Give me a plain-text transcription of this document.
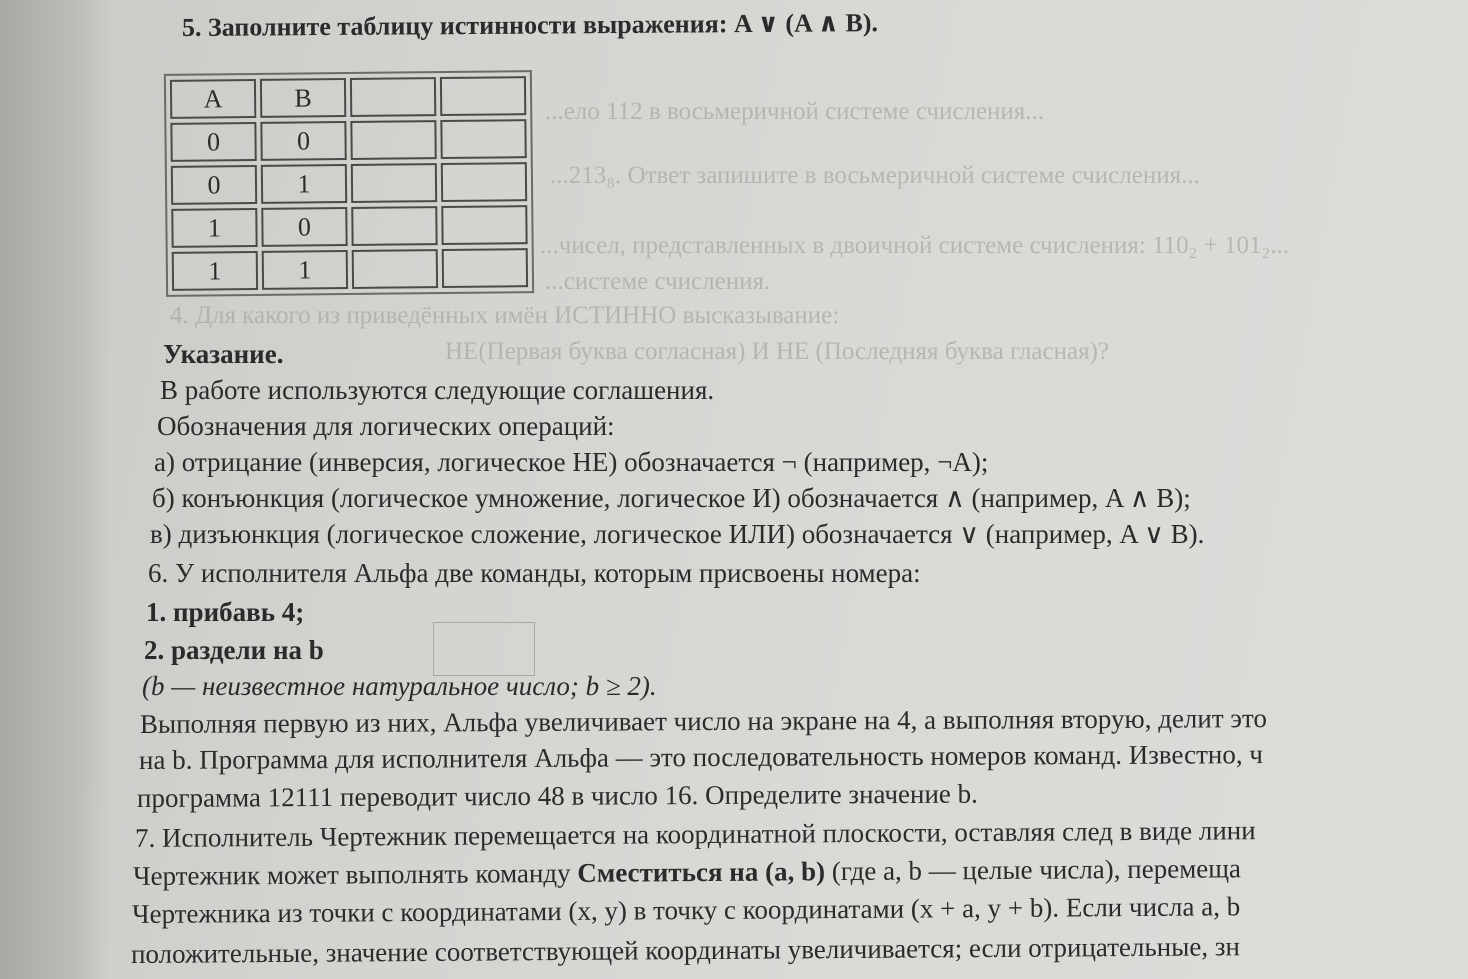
...ело 112 в восьмеричной системе счисления...
...213₈. Ответ запишите в восьмеричной системе счисления...
...чисел, представленных в двоичной системе счисления: 110₂ + 101₂...
...системе счисления.
4. Для какого из приведённых имён ИСТИННО высказывание:
НЕ(Первая буква согласная) И НЕ (Последняя буква гласная)?
5. Заполните таблицу истинности выражения: A ∨ (A ∧ B).
A	B		
0	0		
0	1		
1	0		
1	1		
Указание.
В работе используются следующие соглашения.
Обозначения для логических операций:
а) отрицание (инверсия, логическое НЕ) обозначается ¬ (например, ¬A);
б) конъюнкция (логическое умножение, логическое И) обозначается ∧ (например, A ∧ B);
в) дизъюнкция (логическое сложение, логическое ИЛИ) обозначается ∨ (например, A ∨ B).
6. У исполнителя Альфа две команды, которым присвоены номера:
1. прибавь 4;
2. раздели на b
(b — неизвестное натуральное число; b ≥ 2).
Выполняя первую из них, Альфа увеличивает число на экране на 4, а выполняя вторую, делит это
на b. Программа для исполнителя Альфа — это последовательность номеров команд. Известно, ч
программа 12111 переводит число 48 в число 16. Определите значение b.
7. Исполнитель Чертежник перемещается на координатной плоскости, оставляя след в виде лини
Чертежник может выполнять команду Сместиться на (a, b) (где a, b — целые числа), перемеща
Чертежника из точки с координатами (x, y) в точку с координатами (x + a, y + b). Если числа a, b
положительные, значение соответствующей координаты увеличивается; если отрицательные, зн
